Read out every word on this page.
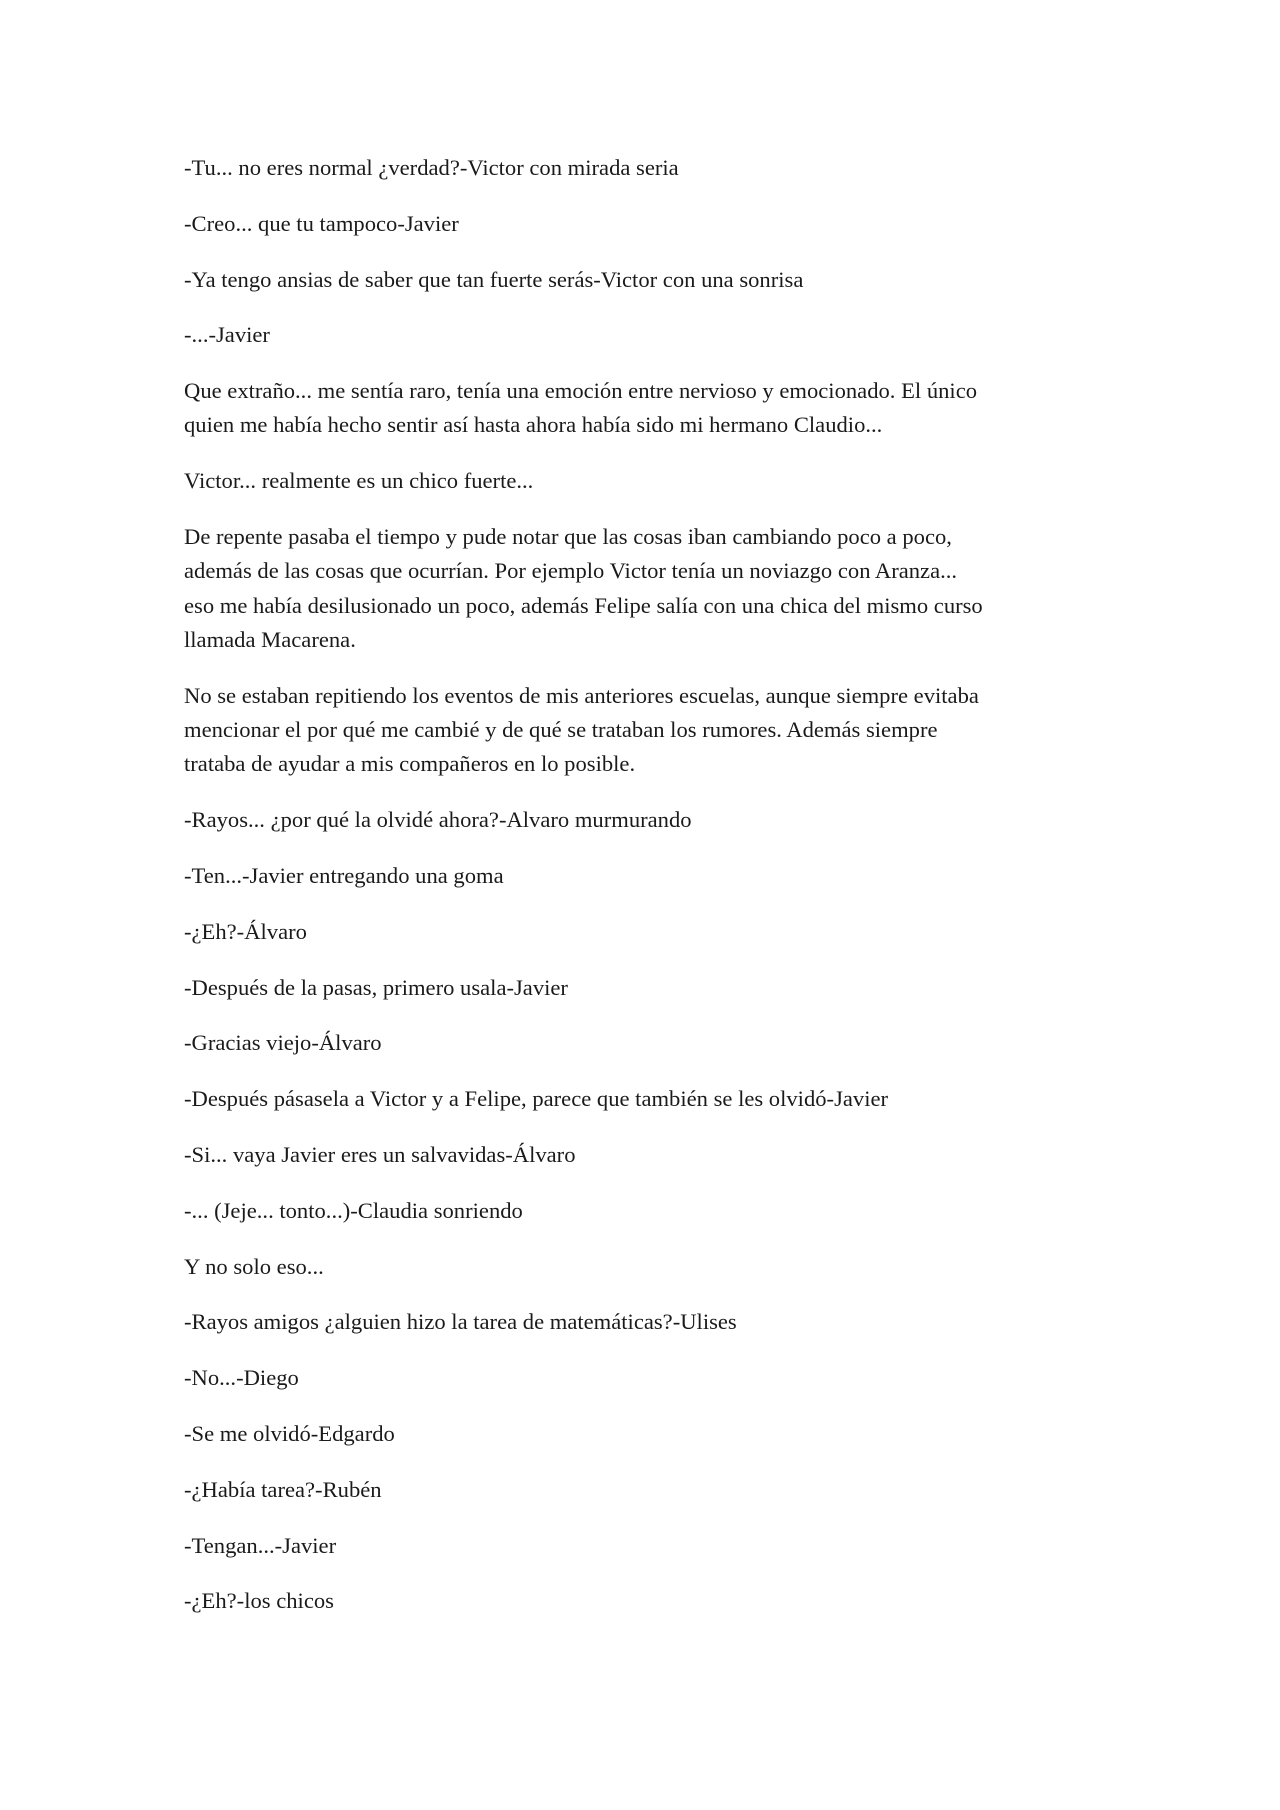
-Tu... no eres normal ¿verdad?-Victor con mirada seria

-Creo... que tu tampoco-Javier

-Ya tengo ansias de saber que tan fuerte serás-Victor con una sonrisa

-...-Javier

Que extraño... me sentía raro, tenía una emoción entre nervioso y emocionado. El único
quien me había hecho sentir así hasta ahora había sido mi hermano Claudio...

Victor... realmente es un chico fuerte...

De repente pasaba el tiempo y pude notar que las cosas iban cambiando poco a poco,
además de las cosas que ocurrían. Por ejemplo Victor tenía un noviazgo con Aranza...
eso me había desilusionado un poco, además Felipe salía con una chica del mismo curso
llamada Macarena.

No se estaban repitiendo los eventos de mis anteriores escuelas, aunque siempre evitaba
mencionar el por qué me cambié y de qué se trataban los rumores. Además siempre
trataba de ayudar a mis compañeros en lo posible.

-Rayos... ¿por qué la olvidé ahora?-Alvaro murmurando

-Ten...-Javier entregando una goma

-¿Eh?-Álvaro

-Después de la pasas, primero usala-Javier

-Gracias viejo-Álvaro

-Después pásasela a Victor y a Felipe, parece que también se les olvidó-Javier

-Si... vaya Javier eres un salvavidas-Álvaro

-... (Jeje... tonto...)-Claudia sonriendo

Y no solo eso...

-Rayos amigos ¿alguien hizo la tarea de matemáticas?-Ulises

-No...-Diego

-Se me olvidó-Edgardo

-¿Había tarea?-Rubén

-Tengan...-Javier

-¿Eh?-los chicos
